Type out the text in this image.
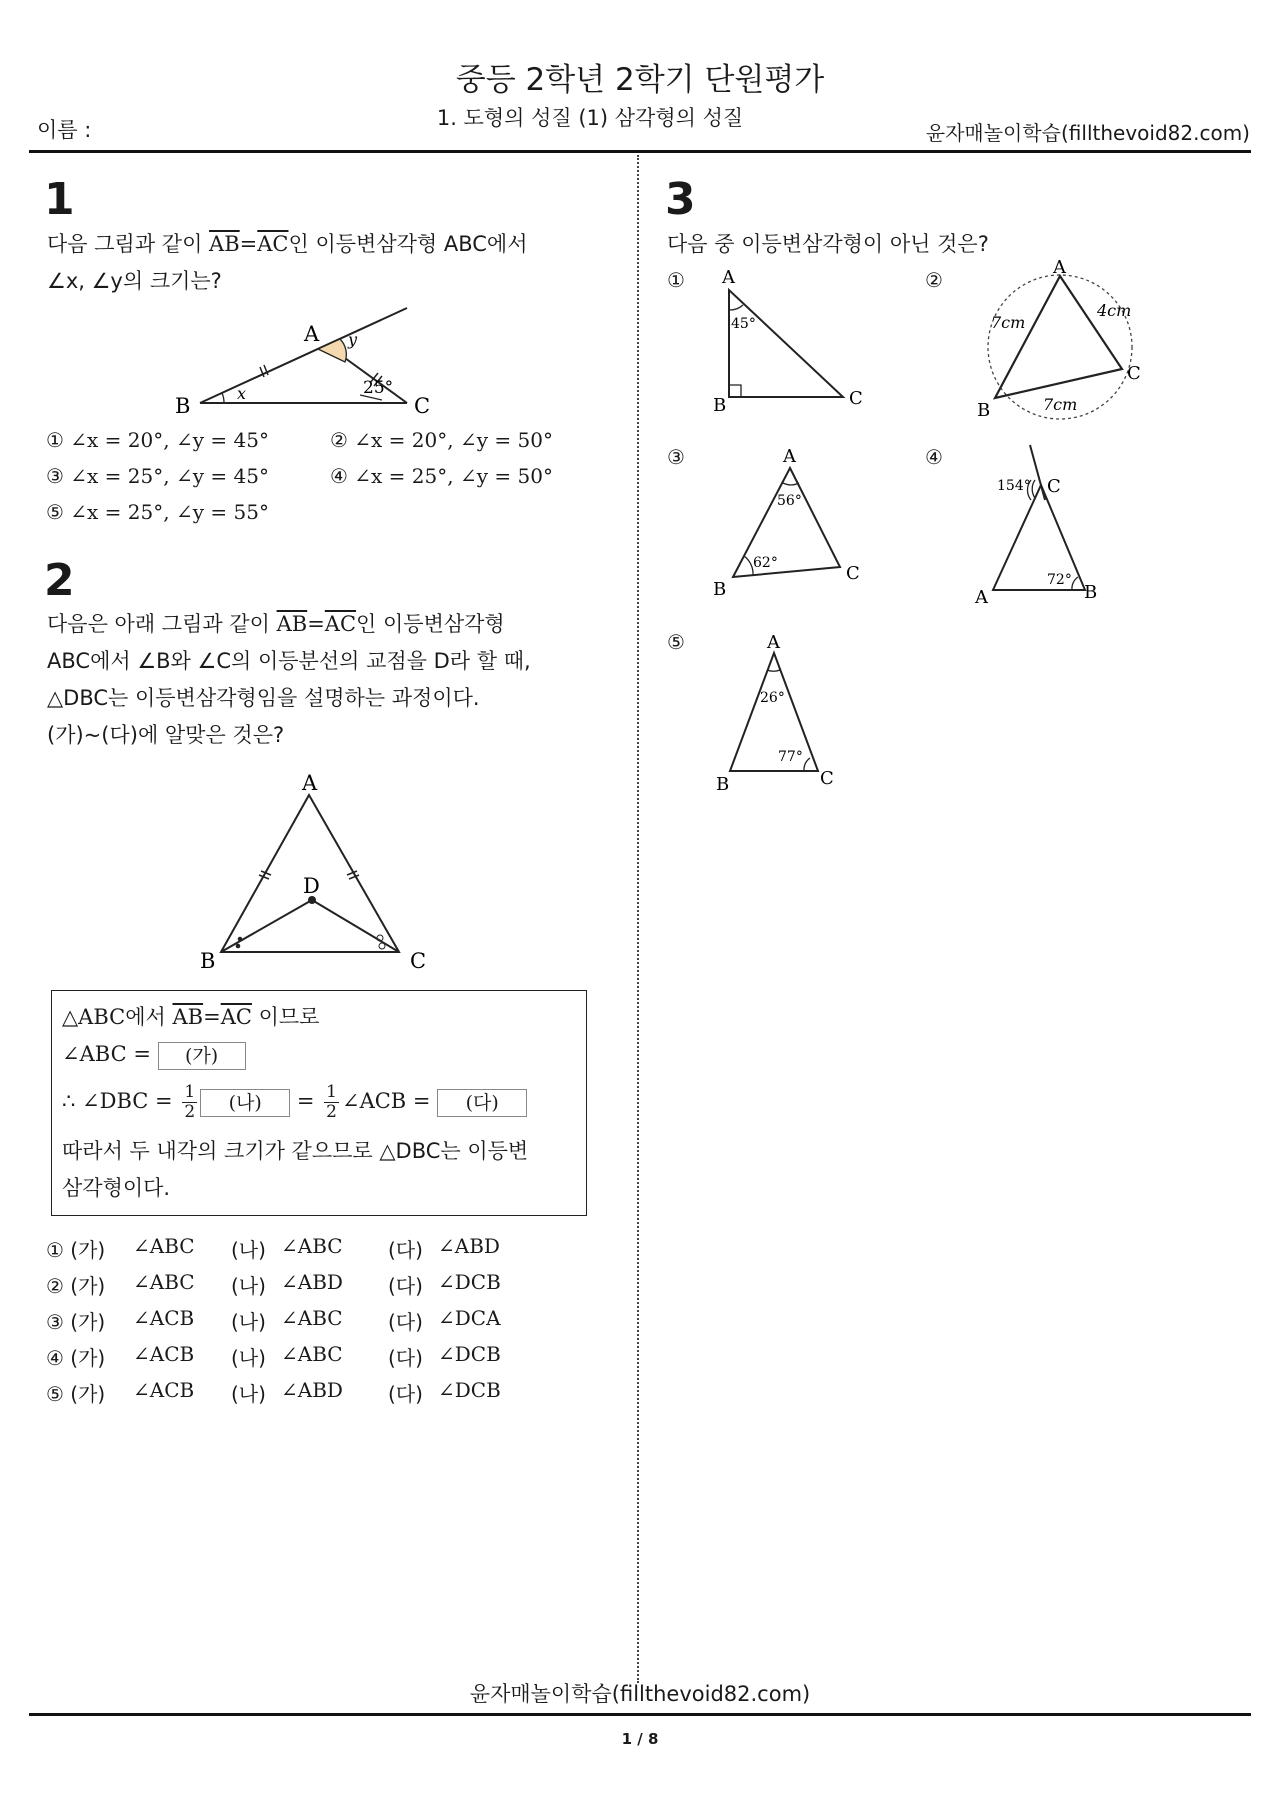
중등 2학년 2학기 단원평가
1. 도형의 성질 (1) 삼각형의 성질
이름 :	윤자매놀이학습(fillthevoid82.com)
1
다음 그림과 같이 $\overline{AB}=\overline{AC}$인 이등변삼각형 ABC에서
∠x, ∠y의 크기는?
B
A
C
x
y
25°
① ∠x = 20°, ∠y = 45°	② ∠x = 20°, ∠y = 50°
③ ∠x = 25°, ∠y = 45°	④ ∠x = 25°, ∠y = 50°
⑤ ∠x = 25°, ∠y = 55°
2
다음은 아래 그림과 같이 $\overline{AB}=\overline{AC}$인 이등변삼각형
ABC에서 ∠B와 ∠C의 이등분선의 교점을 D라 할 때,
△DBC는 이등변삼각형임을 설명하는 과정이다.
(가)~(다)에 알맞은 것은?
A
B	C
D
△ABC에서 $\overline{AB}=\overline{AC}$ 이므로
∠ABC = (가)
∴ ∠DBC = $\frac{1}{2}$ (나) = $\frac{1}{2}$ ∠ACB = (다)
따라서 두 내각의 크기가 같으므로 △DBC는 이등변
삼각형이다.
① (가) ∠ABC (나) ∠ABC (다) ∠ABD
② (가) ∠ABC (나) ∠ABD (다) ∠DCB
③ (가) ∠ACB (나) ∠ABC (다) ∠DCA
④ (가) ∠ACB (나) ∠ABC (다) ∠DCB
⑤ (가) ∠ACB (나) ∠ABD (다) ∠DCB
3
다음 중 이등변삼각형이 아닌 것은?
①	②
③	④
⑤
A
B	C
45°
A
B
C
7cm
4cm
7cm
A
B
C
56°
62°
C
A	B
154°
72°
A
B	C
26°
77°
윤자매놀이학습(fillthevoid82.com)
1 / 8
